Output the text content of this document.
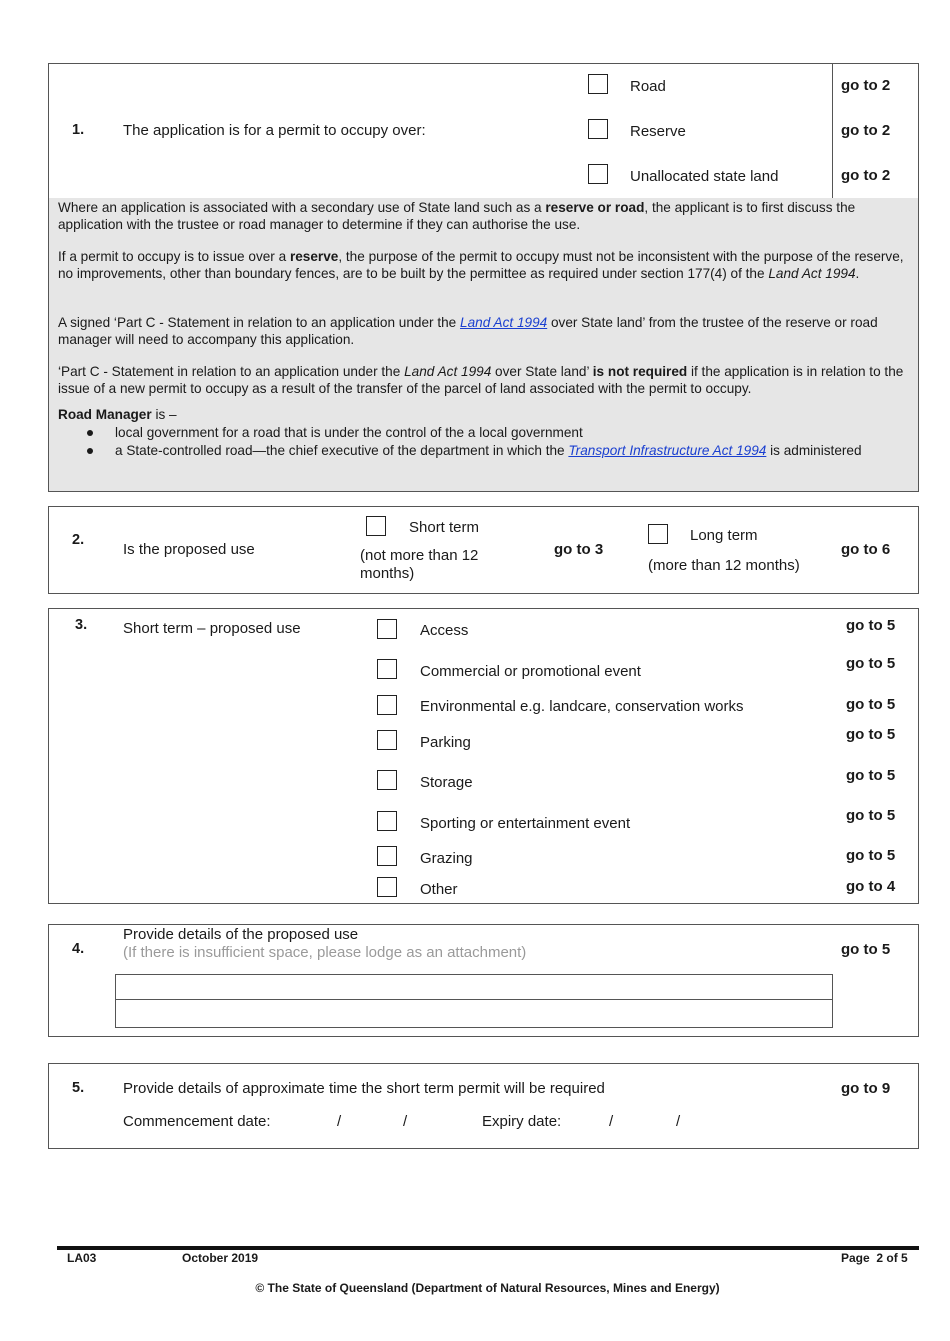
1.	The application is for a permit to occupy over:
Road	go to 2
Reserve	go to 2
Unallocated state land	go to 2

Where an application is associated with a secondary use of State land such as a reserve or road, the applicant is to first discuss the application with the trustee or road manager to determine if they can authorise the use.

If a permit to occupy is to issue over a reserve, the purpose of the permit to occupy must not be inconsistent with the purpose of the reserve, no improvements, other than boundary fences, are to be built by the permittee as required under section 177(4) of the Land Act 1994.

A signed ‘Part C - Statement in relation to an application under the Land Act 1994 over State land’ from the trustee of the reserve or road manager will need to accompany this application.

‘Part C - Statement in relation to an application under the Land Act 1994 over State land’ is not required if the application is in relation to the issue of a new permit to occupy as a result of the transfer of the parcel of land associated with the permit to occupy.

Road Manager is –

local government for a road that is under the control of the a local government

a State-controlled road—the chief executive of the department in which the Transport Infrastructure Act 1994 is administered

2.
Is the proposed use
Short term
(not more than 12
months)
go to 3
Long term
(more than 12 months)
go to 6
3. Short term – proposed use	Access	go to 5
Commercial or promotional event	go to 5
Environmental e.g. landcare, conservation works	go to 5
Parking	go to 5
Storage	go to 5
Sporting or entertainment event	go to 5
Grazing	go to 5
Other	go to 4
4.
Provide details of the proposed use
(If there is insufficient space, please lodge as an attachment)	go to 5
5.	Provide details of approximate time the short term permit will be required	go to 9
Commencement date:	/	/	Expiry date:	/	/
LA03	October 2019	Page  2 of 5
© The State of Queensland (Department of Natural Resources, Mines and Energy)
